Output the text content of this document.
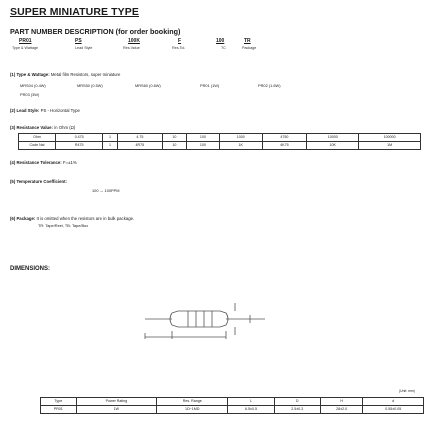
SUPER MINIATURE TYPE
PART NUMBER DESCRIPTION (for order booking)
PR01	PS	100K	F	100	TR
Type & Wattage	Lead Style	Res.Value	Res.Tol.	TC	Package
(1) Type & Wattage: Metal film Resistors, super miniature
MRS04 (0.4W)	MRS50 (0.5W)	MRS60 (0.6W)	PR01 (1W)	PR02 (1.6W)
PR03 (3W)
(2) Lead Style: PS - Horizontal Type
(3) Resistance Value: in Ohm (Ω)
Ohm	0.475	1	4.75	10	100	1000	4750	10000	100000
Code Nal	R475	1	4R75	10	100	1K	4K75	10K	1M
(4) Resistance Tolerance: F=±1%
(5) Temperature Coefficient:
100 → 100PPM
(6) Package: It is omitted when the resistors are in bulk package.
TR: Tape/Reel, TB: Tape/Box
DIMENSIONS:
(Unit: mm)
Type	Power Rating	Res. Range	L	D	H	d
PR01	1W	1Ω~1MΩ	6.5±0.5	2.5±0.3	28±2.0	0.55±0.05
